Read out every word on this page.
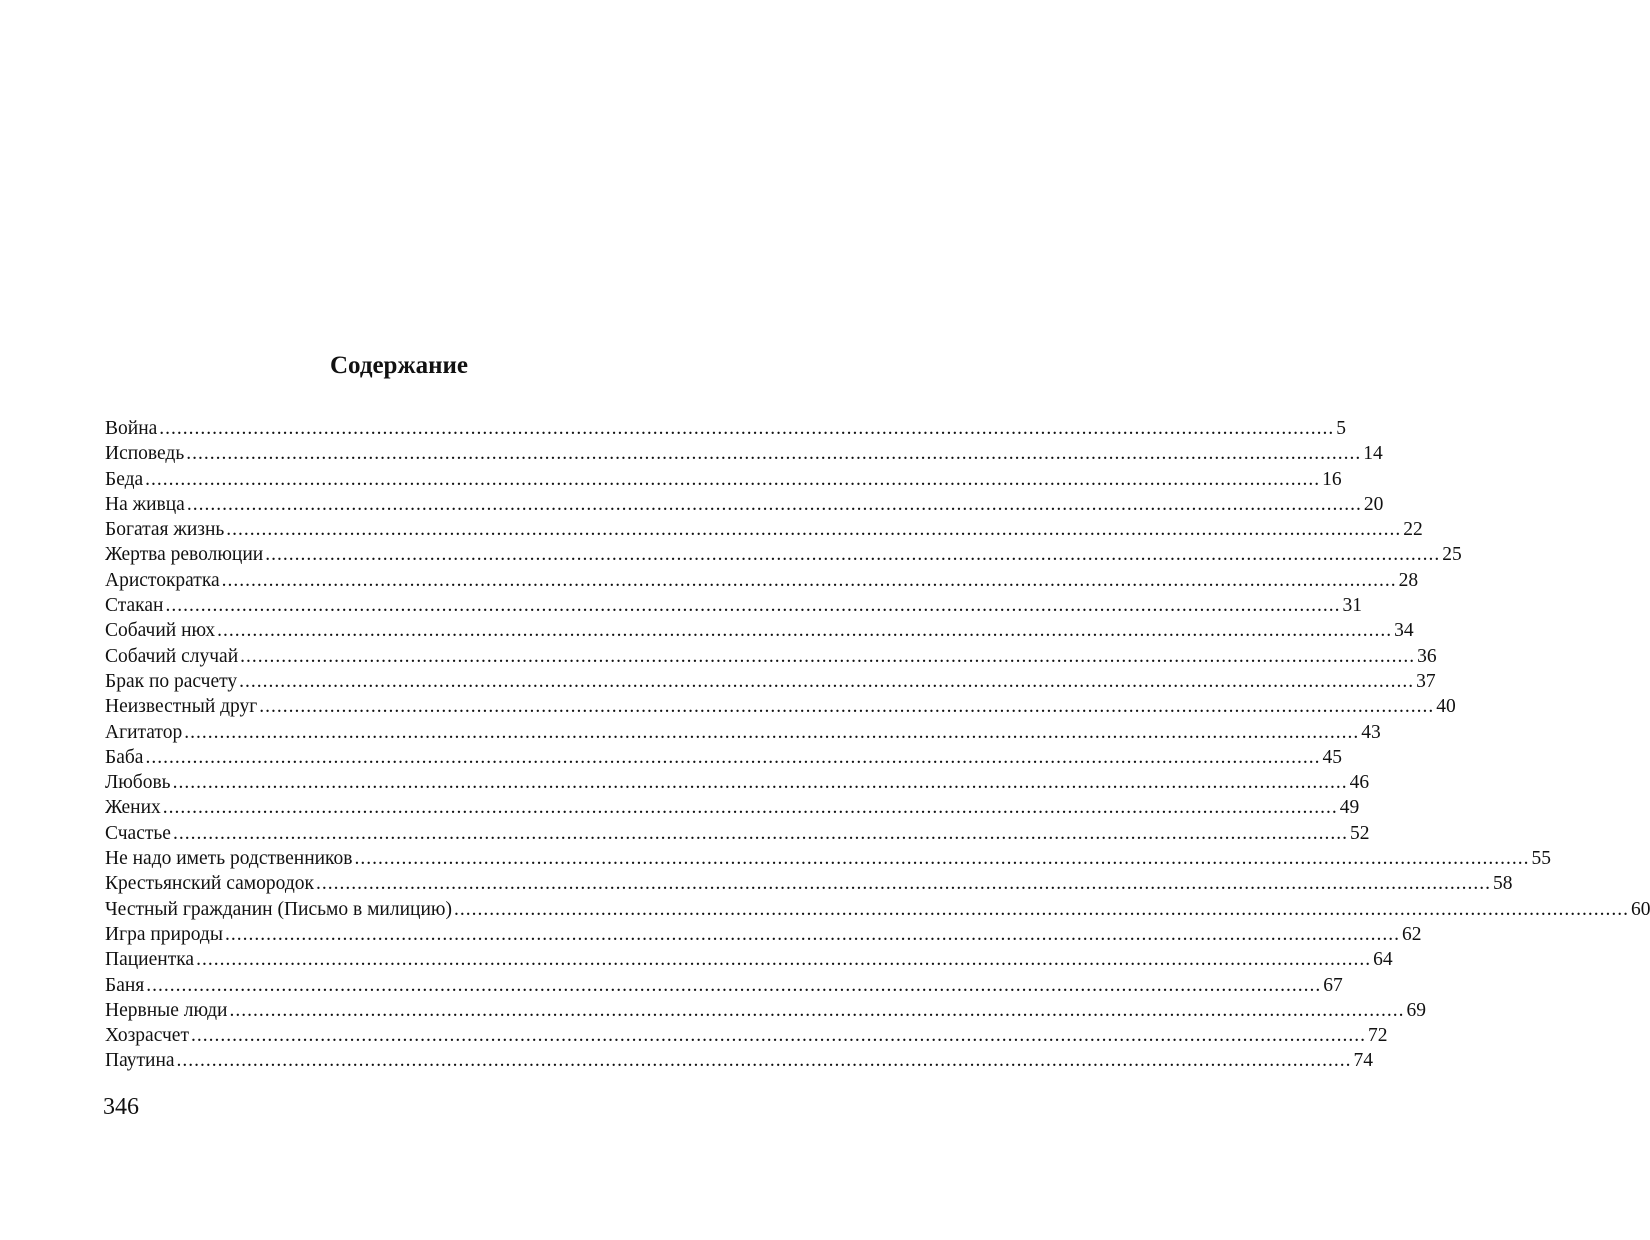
Содержание
Война ........................................................................................................................................................................................................ 5
Исповедь ........................................................................................................................................................................................................ 14
Беда ........................................................................................................................................................................................................ 16
На живца ........................................................................................................................................................................................................ 20
Богатая жизнь ........................................................................................................................................................................................................ 22
Жертва революции ........................................................................................................................................................................................................ 25
Аристократка ........................................................................................................................................................................................................ 28
Стакан ........................................................................................................................................................................................................ 31
Собачий нюх ........................................................................................................................................................................................................ 34
Собачий случай ........................................................................................................................................................................................................ 36
Брак по расчету ........................................................................................................................................................................................................ 37
Неизвестный друг ........................................................................................................................................................................................................ 40
Агитатор ........................................................................................................................................................................................................ 43
Баба ........................................................................................................................................................................................................ 45
Любовь ........................................................................................................................................................................................................ 46
Жених ........................................................................................................................................................................................................ 49
Счастье ........................................................................................................................................................................................................ 52
Не надо иметь родственников ........................................................................................................................................................................................................ 55
Крестьянский самородок ........................................................................................................................................................................................................ 58
Честный гражданин (Письмо в милицию) ........................................................................................................................................................................................................ 60
Игра природы ........................................................................................................................................................................................................ 62
Пациентка ........................................................................................................................................................................................................ 64
Баня ........................................................................................................................................................................................................ 67
Нервные люди ........................................................................................................................................................................................................ 69
Хозрасчет ........................................................................................................................................................................................................ 72
Паутина ........................................................................................................................................................................................................ 74
346
